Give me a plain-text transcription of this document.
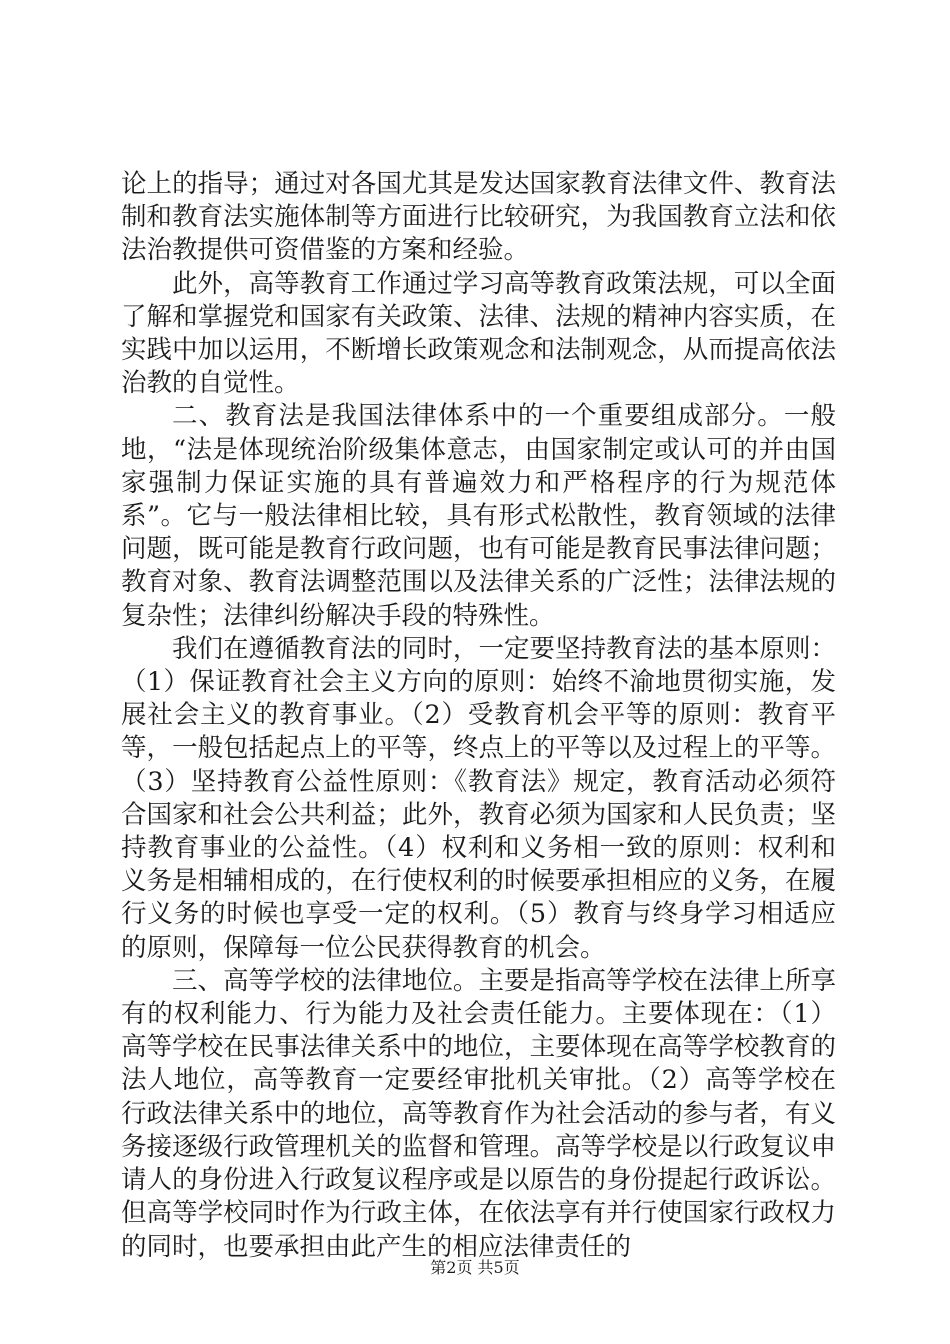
论上的指导；通过对各国尤其是发达国家教育法律文件、教育法制和教育法实施体制等方面进行比较研究，为我国教育立法和依法治教提供可资借鉴的方案和经验。

此外，高等教育工作通过学习高等教育政策法规，可以全面了解和掌握党和国家有关政策、法律、法规的精神内容实质，在实践中加以运用，不断增长政策观念和法制观念，从而提高依法治教的自觉性。

二、教育法是我国法律体系中的一个重要组成部分。一般地，“法是体现统治阶级集体意志，由国家制定或认可的并由国家强制力保证实施的具有普遍效力和严格程序的行为规范体系”。它与一般法律相比较，具有形式松散性，教育领域的法律问题，既可能是教育行政问题，也有可能是教育民事法律问题；教育对象、教育法调整范围以及法律关系的广泛性；法律法规的复杂性；法律纠纷解决手段的特殊性。

我们在遵循教育法的同时，一定要坚持教育法的基本原则：（1）保证教育社会主义方向的原则：始终不渝地贯彻实施，发展社会主义的教育事业。（2）受教育机会平等的原则：教育平等，一般包括起点上的平等，终点上的平等以及过程上的平等。（3）坚持教育公益性原则：《教育法》规定，教育活动必须符合国家和社会公共利益；此外，教育必须为国家和人民负责；坚持教育事业的公益性。（4）权利和义务相一致的原则：权利和义务是相辅相成的，在行使权利的时候要承担相应的义务，在履行义务的时候也享受一定的权利。（5）教育与终身学习相适应的原则，保障每一位公民获得教育的机会。

三、高等学校的法律地位。主要是指高等学校在法律上所享有的权利能力、行为能力及社会责任能力。主要体现在：（1）高等学校在民事法律关系中的地位，主要体现在高等学校教育的法人地位，高等教育一定要经审批机关审批。（2）高等学校在行政法律关系中的地位，高等教育作为社会活动的参与者，有义务接逐级行政管理机关的监督和管理。高等学校是以行政复议申请人的身份进入行政复议程序或是以原告的身份提起行政诉讼。但高等学校同时作为行政主体，在依法享有并行使国家行政权力的同时，也要承担由此产生的相应法律责任的

第2页 共5页
